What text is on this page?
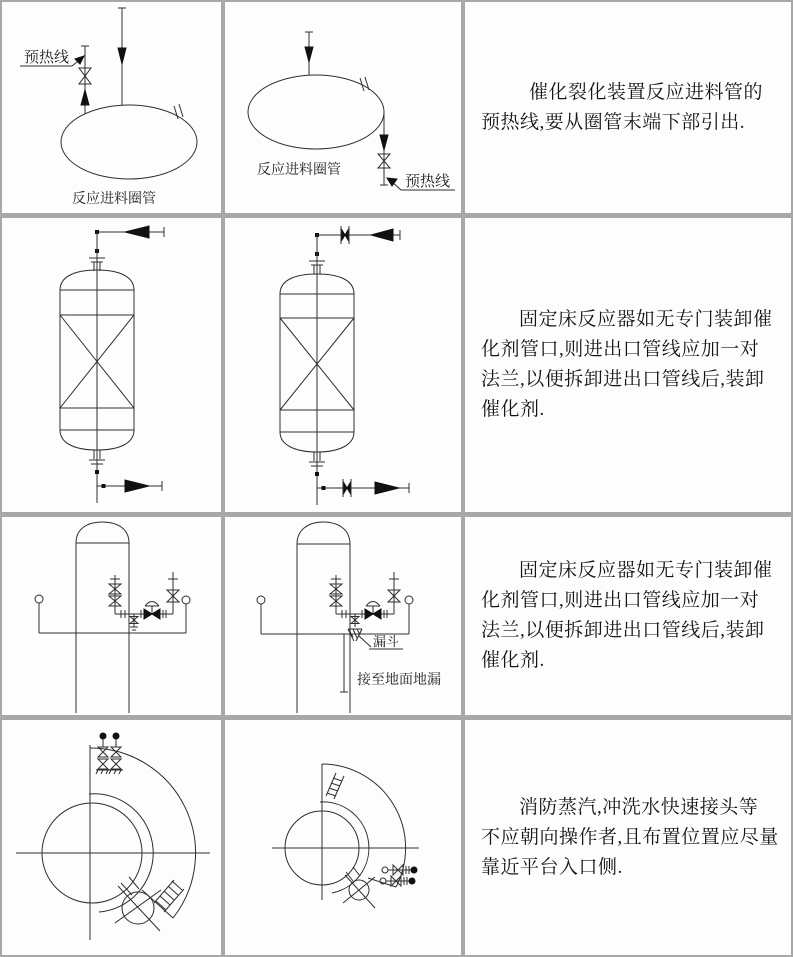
预热线
反应进料圈管
预热线
反应进料圈管
催化裂化装置反应进料管的
预热线,要从圈管末端下部引出.
固定床反应器如无专门装卸催
化剂管口,则进出口管线应加一对
法兰,以便拆卸进出口管线后,装卸
催化剂.
漏斗
接至地面地漏
固定床反应器如无专门装卸催
化剂管口,则进出口管线应加一对
法兰,以便拆卸进出口管线后,装卸
催化剂.
消防蒸汽,冲洗水快速接头等
不应朝向操作者,且布置位置应尽量
靠近平台入口侧.
